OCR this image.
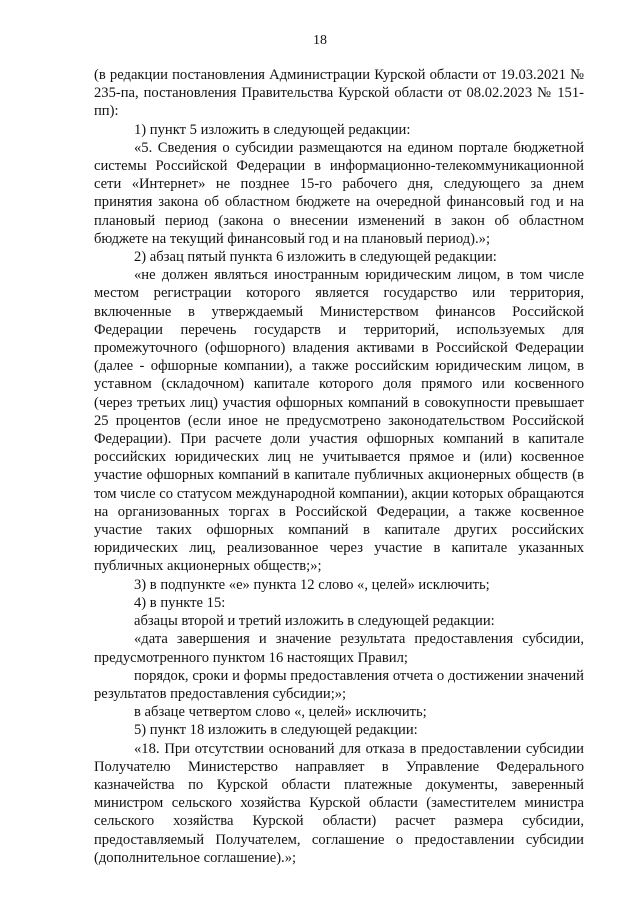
18

(в редакции постановления Администрации Курской области от 19.03.2021 № 235-па, постановления Правительства Курской области от 08.02.2023 № 151-пп):

1) пункт 5 изложить в следующей редакции:

«5. Сведения о субсидии размещаются на едином портале бюджетной системы Российской Федерации в информационно-телекоммуникационной сети «Интернет» не позднее 15-го рабочего дня, следующего за днем принятия закона об областном бюджете на очередной финансовый год и на плановый период (закона о внесении изменений в закон об областном бюджете на текущий финансовый год и на плановый период).»;

2) абзац пятый пункта 6 изложить в следующей редакции:

«не должен являться иностранным юридическим лицом, в том числе местом регистрации которого является государство или территория, включенные в утверждаемый Министерством финансов Российской Федерации перечень государств и территорий, используемых для промежуточного (офшорного) владения активами в Российской Федерации (далее - офшорные компании), а также российским юридическим лицом, в уставном (складочном) капитале которого доля прямого или косвенного (через третьих лиц) участия офшорных компаний в совокупности превышает 25 процентов (если иное не предусмотрено законодательством Российской Федерации). При расчете доли участия офшорных компаний в капитале российских юридических лиц не учитывается прямое и (или) косвенное участие офшорных компаний в капитале публичных акционерных обществ (в том числе со статусом международной компании), акции которых обращаются на организованных торгах в Российской Федерации, а также косвенное участие таких офшорных компаний в капитале других российских юридических лиц, реализованное через участие в капитале указанных публичных акционерных обществ;»;

3) в подпункте «е» пункта 12 слово «, целей» исключить;

4) в пункте 15:

абзацы второй и третий изложить в следующей редакции:

«дата завершения и значение результата предоставления субсидии, предусмотренного пунктом 16 настоящих Правил;

порядок, сроки и формы предоставления отчета о достижении значений результатов предоставления субсидии;»;

в абзаце четвертом слово «, целей» исключить;

5) пункт 18 изложить в следующей редакции:

«18. При отсутствии оснований для отказа в предоставлении субсидии Получателю Министерство направляет в Управление Федерального казначейства по Курской области платежные документы, заверенный министром сельского хозяйства Курской области (заместителем министра сельского хозяйства Курской области) расчет размера субсидии, предоставляемый Получателем, соглашение о предоставлении субсидии (дополнительное соглашение).»;
